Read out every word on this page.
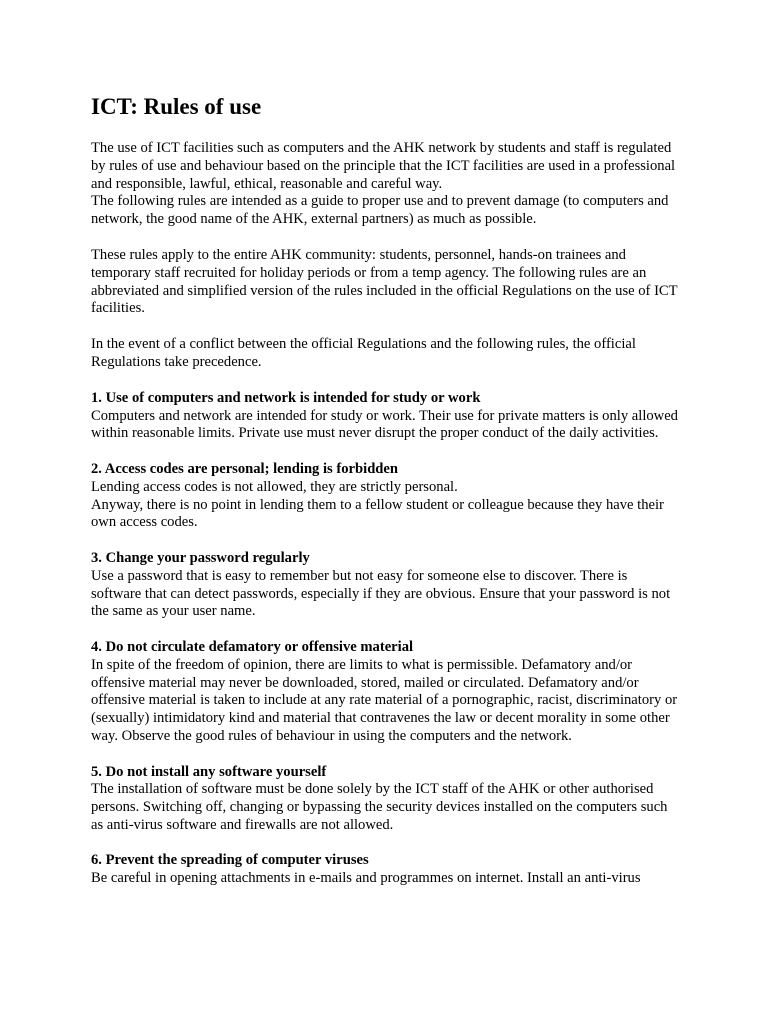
ICT: Rules of use

The use of ICT facilities such as computers and the AHK network by students and staff is regulated by rules of use and behaviour based on the principle that the ICT facilities are used in a professional and responsible, lawful, ethical, reasonable and careful way.

The following rules are intended as a guide to proper use and to prevent damage (to computers and network, the good name of the AHK, external partners) as much as possible.

These rules apply to the entire AHK community: students, personnel, hands-on trainees and temporary staff recruited for holiday periods or from a temp agency. The following rules are an abbreviated and simplified version of the rules included in the official Regulations on the use of ICT facilities.

In the event of a conflict between the official Regulations and the following rules, the official Regulations take precedence.

1. Use of computers and network is intended for study or work

Computers and network are intended for study or work. Their use for private matters is only allowed within reasonable limits. Private use must never disrupt the proper conduct of the daily activities.

2. Access codes are personal; lending is forbidden

Lending access codes is not allowed, they are strictly personal.

Anyway, there is no point in lending them to a fellow student or colleague because they have their own access codes.

3. Change your password regularly

Use a password that is easy to remember but not easy for someone else to discover. There is software that can detect passwords, especially if they are obvious. Ensure that your password is not the same as your user name.

4. Do not circulate defamatory or offensive material

In spite of the freedom of opinion, there are limits to what is permissible. Defamatory and/or offensive material may never be downloaded, stored, mailed or circulated. Defamatory and/or offensive material is taken to include at any rate material of a pornographic, racist, discriminatory or (sexually) intimidatory kind and material that contravenes the law or decent morality in some other way. Observe the good rules of behaviour in using the computers and the network.

5. Do not install any software yourself

The installation of software must be done solely by the ICT staff of the AHK or other authorised persons. Switching off, changing or bypassing the security devices installed on the computers such as anti-virus software and firewalls are not allowed.

6. Prevent the spreading of computer viruses

Be careful in opening attachments in e-mails and programmes on internet. Install an anti-virus
